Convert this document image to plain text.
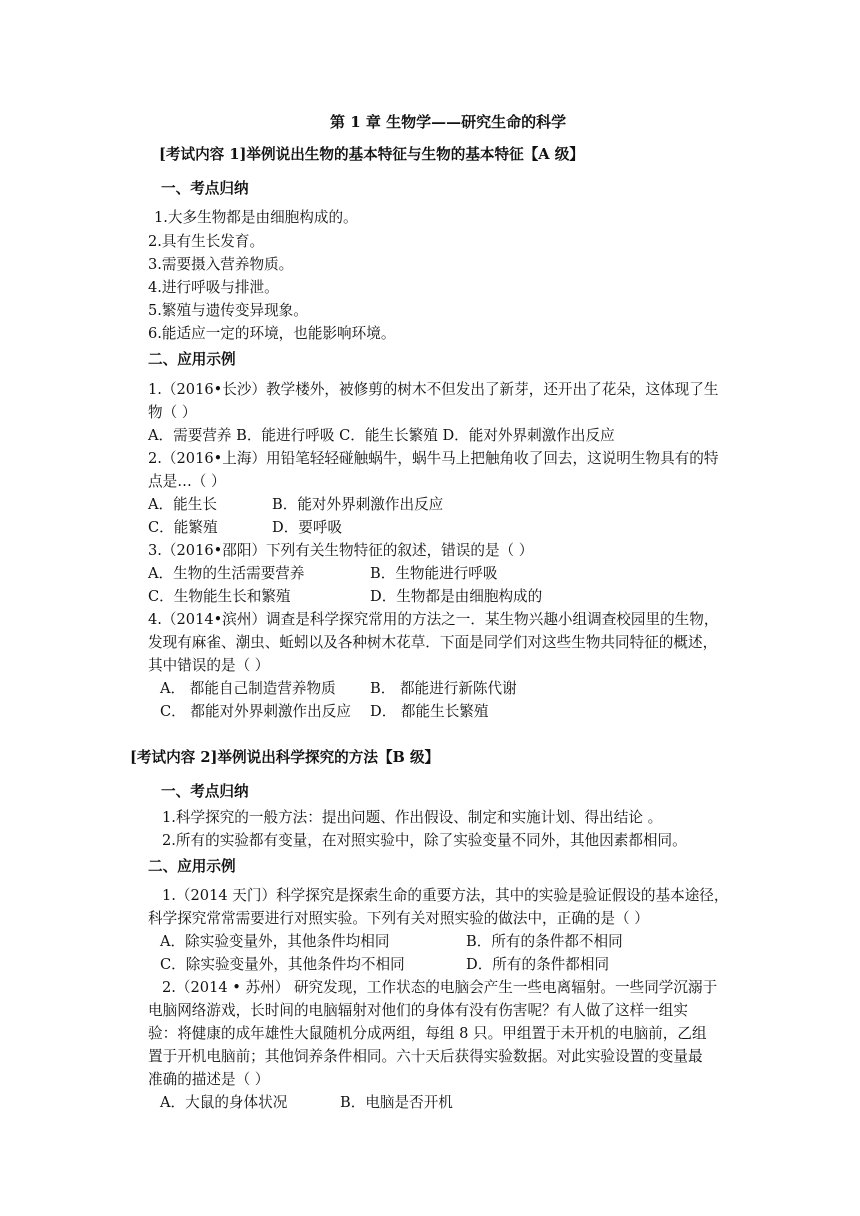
第 1 章 生物学——研究生命的科学
[考试内容 1]举例说出生物的基本特征与生物的基本特征【A 级】
一、考点归纳
1.大多生物都是由细胞构成的。
2.具有生长发育。
3.需要摄入营养物质。
4.进行呼吸与排泄。
5.繁殖与遗传变异现象。
6.能适应一定的环境，也能影响环境。
二、应用示例
1.（2016•长沙）教学楼外，被修剪的树木不但发出了新芽，还开出了花朵，这体现了生
物（ ）
A．需要营养 B．能进行呼吸 C．能生长繁殖 D．能对外界刺激作出反应
2.（2016•上海）用铅笔轻轻碰触蜗牛，蜗牛马上把触角收了回去，这说明生物具有的特
点是…（ ）
A．能生长	B．能对外界刺激作出反应
C．能繁殖	D．要呼吸
3.（2016•邵阳）下列有关生物特征的叙述，错误的是（ ）
A．生物的生活需要营养	B．生物能进行呼吸
C．生物能生长和繁殖	D．生物都是由细胞构成的
4.（2014•滨州）调查是科学探究常用的方法之一．某生物兴趣小组调查校园里的生物，
发现有麻雀、潮虫、蚯蚓以及各种树木花草．下面是同学们对这些生物共同特征的概述，
其中错误的是（ ）
A． 都能自己制造营养物质 B． 都能进行新陈代谢
C． 都能对外界刺激作出反应 D． 都能生长繁殖
[考试内容 2]举例说出科学探究的方法【B 级】
一、考点归纳
1.科学探究的一般方法：提出问题、作出假设、制定和实施计划、得出结论 。
2.所有的实验都有变量，在对照实验中，除了实验变量不同外，其他因素都相同。
二、应用示例
1.（2014 天门）科学探究是探索生命的重要方法，其中的实验是验证假设的基本途径，
科学探究常常需要进行对照实验。下列有关对照实验的做法中，正确的是（ ）
A．除实验变量外，其他条件均相同	B．所有的条件都不相同
C．除实验变量外，其他条件均不相同	D．所有的条件都相同
2.（2014 • 苏州） 研究发现，工作状态的电脑会产生一些电离辐射。一些同学沉溺于
电脑网络游戏，长时间的电脑辐射对他们的身体有没有伤害呢？有人做了这样一组实
验：将健康的成年雄性大鼠随机分成两组，每组 8 只。甲组置于未开机的电脑前，乙组
置于开机电脑前；其他饲养条件相同。六十天后获得实验数据。对此实验设置的变量最
准确的描述是（ ）
A．大鼠的身体状况	B．电脑是否开机
